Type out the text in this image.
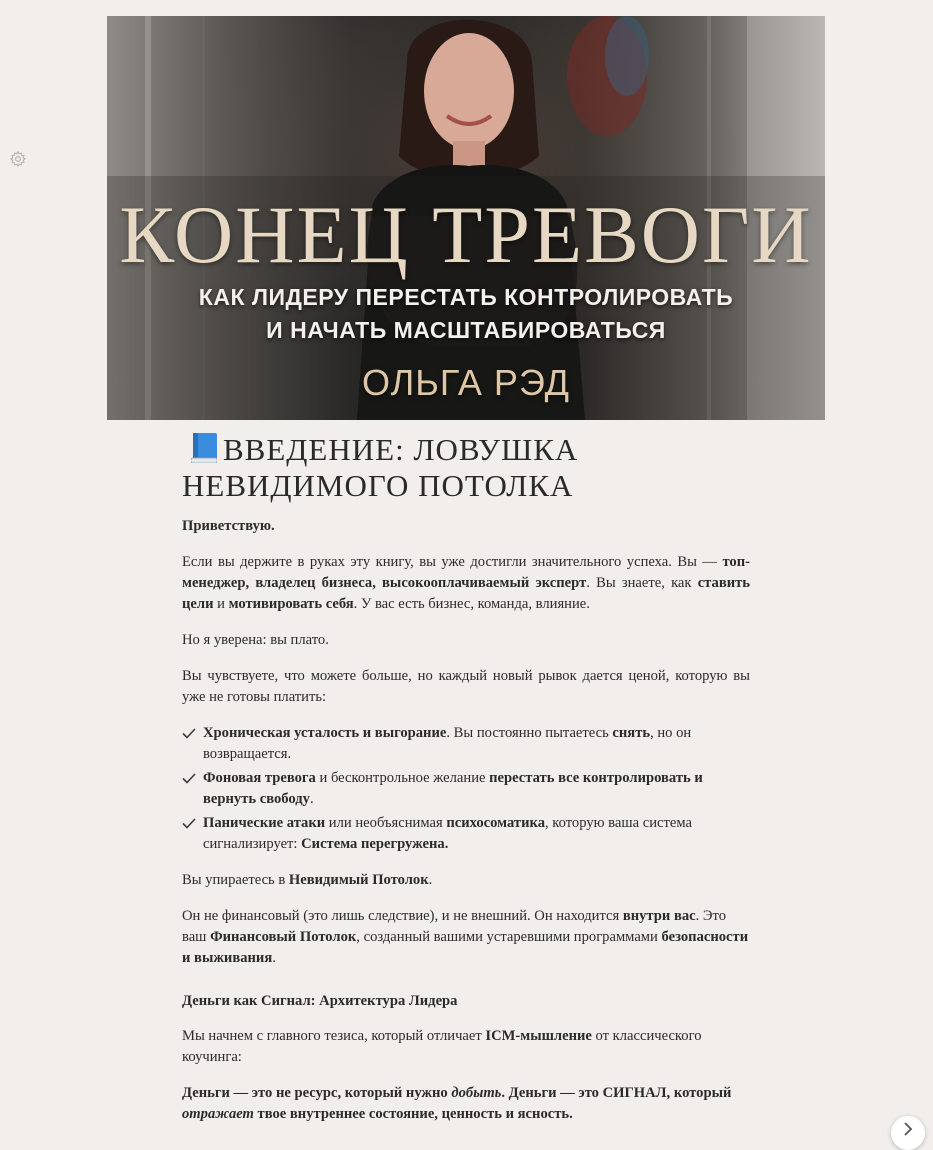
КОНЕЦ ТРЕВОГИ
КАК ЛИДЕРУ ПЕРЕСТАТЬ КОНТРОЛИРОВАТЬ
И НАЧАТЬ МАСШТАБИРОВАТЬСЯ
ОЛЬГА РЭД
ВВЕДЕНИЕ: ЛОВУШКА НЕВИДИМОГО ПОТОЛКА

Приветствую.

Если вы держите в руках эту книгу, вы уже достигли значительного успеха. Вы — топ-менеджер, владелец бизнеса, высокооплачиваемый эксперт. Вы знаете, как ставить цели и мотивировать себя. У вас есть бизнес, команда, влияние.

Но я уверена: вы плато.

Вы чувствуете, что можете больше, но каждый новый рывок дается ценой, которую вы уже не готовы платить:

Хроническая усталость и выгорание. Вы постоянно пытаетесь снять, но он возвращается.
Фоновая тревога и бесконтрольное желание перестать все контролировать и вернуть свободу.
Панические атаки или необъяснимая психосоматика, которую ваша система сигнализирует: Система перегружена.

Вы упираетесь в Невидимый Потолок.

Он не финансовый (это лишь следствие), и не внешний. Он находится внутри вас. Это ваш Финансовый Потолок, созданный вашими устаревшими программами безопасности и выживания.

Деньги как Сигнал: Архитектура Лидера

Мы начнем с главного тезиса, который отличает ICM-мышление от классического коучинга:

Деньги — это не ресурс, который нужно добыть. Деньги — это СИГНАЛ, который отражает твое внутреннее состояние, ценность и ясность.
